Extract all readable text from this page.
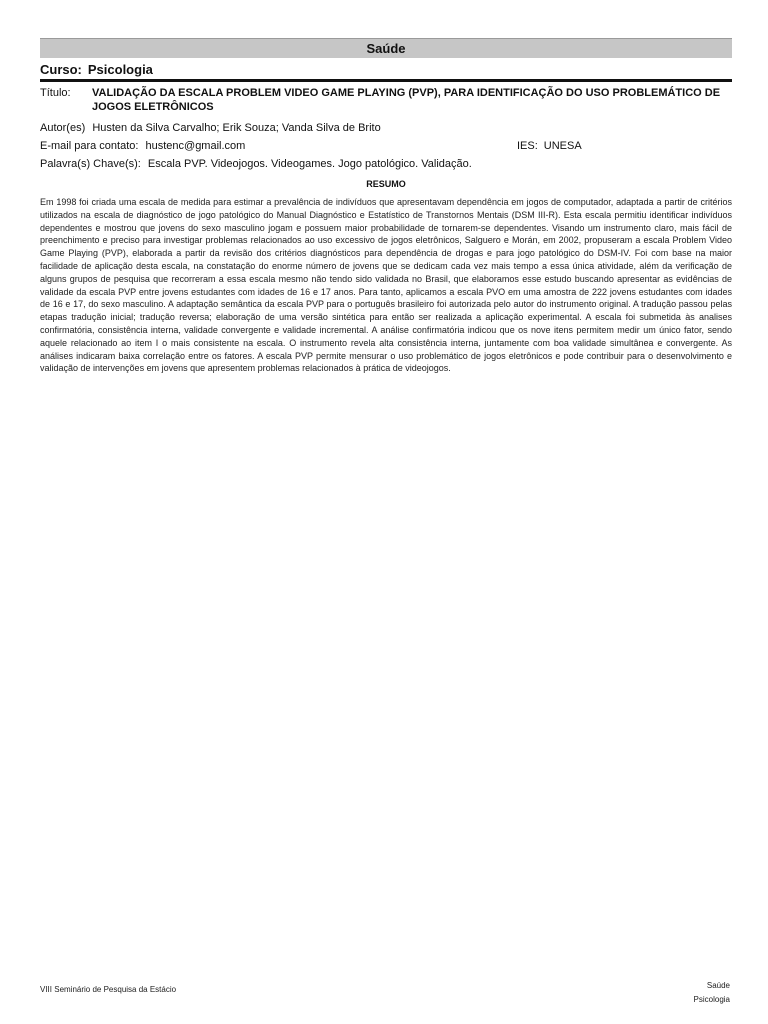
Saúde
Curso: Psicologia
Título:	VALIDAÇÃO DA ESCALA PROBLEM VIDEO GAME PLAYING (PVP), PARA IDENTIFICAÇÃO DO USO PROBLEMÁTICO DE JOGOS ELETRÔNICOS
Autor(es) Husten da Silva Carvalho; Erik Souza; Vanda Silva de Brito
E-mail para contato: hustenc@gmail.com	IES: UNESA
Palavra(s) Chave(s): Escala PVP. Videojogos. Videogames. Jogo patológico. Validação.
RESUMO
Em 1998 foi criada uma escala de medida para estimar a prevalência de indivíduos que apresentavam dependência em jogos de computador, adaptada a partir de critérios utilizados na escala de diagnóstico de jogo patológico do Manual Diagnóstico e Estatístico de Transtornos Mentais (DSM III-R). Esta escala permitiu identificar indivíduos dependentes e mostrou que jovens do sexo masculino jogam e possuem maior probabilidade de tornarem-se dependentes. Visando um instrumento claro, mais fácil de preenchimento e preciso para investigar problemas relacionados ao uso excessivo de jogos eletrônicos, Salguero e Morán, em 2002, propuseram a escala Problem Video Game Playing (PVP), elaborada a partir da revisão dos critérios diagnósticos para dependência de drogas e para jogo patológico do DSM-IV. Foi com base na maior facilidade de aplicação desta escala, na constatação do enorme número de jovens que se dedicam cada vez mais tempo a essa única atividade, além da verificação de alguns grupos de pesquisa que recorreram a essa escala mesmo não tendo sido validada no Brasil, que elaboramos esse estudo buscando apresentar as evidências de validade da escala PVP entre jovens estudantes com idades de 16 e 17 anos. Para tanto, aplicamos a escala PVO em uma amostra de 222 jovens estudantes com idades de 16 e 17, do sexo masculino. A adaptação semântica da escala PVP para o português brasileiro foi autorizada pelo autor do instrumento original. A tradução passou pelas etapas tradução inicial; tradução reversa; elaboração de uma versão sintética para então ser realizada a aplicação experimental. A escala foi submetida às analises confirmatória, consistência interna, validade convergente e validade incremental. A análise confirmatória indicou que os nove itens permitem medir um único fator, sendo aquele relacionado ao item I o mais consistente na escala. O instrumento revela alta consistência interna, juntamente com boa validade simultânea e convergente. As análises indicaram baixa correlação entre os fatores. A escala PVP permite mensurar o uso problemático de jogos eletrônicos e pode contribuir para o desenvolvimento e validação de intervenções em jovens que apresentem problemas relacionados à prática de videojogos.
VIII Seminário de Pesquisa da Estácio	Saúde
Psicologia
